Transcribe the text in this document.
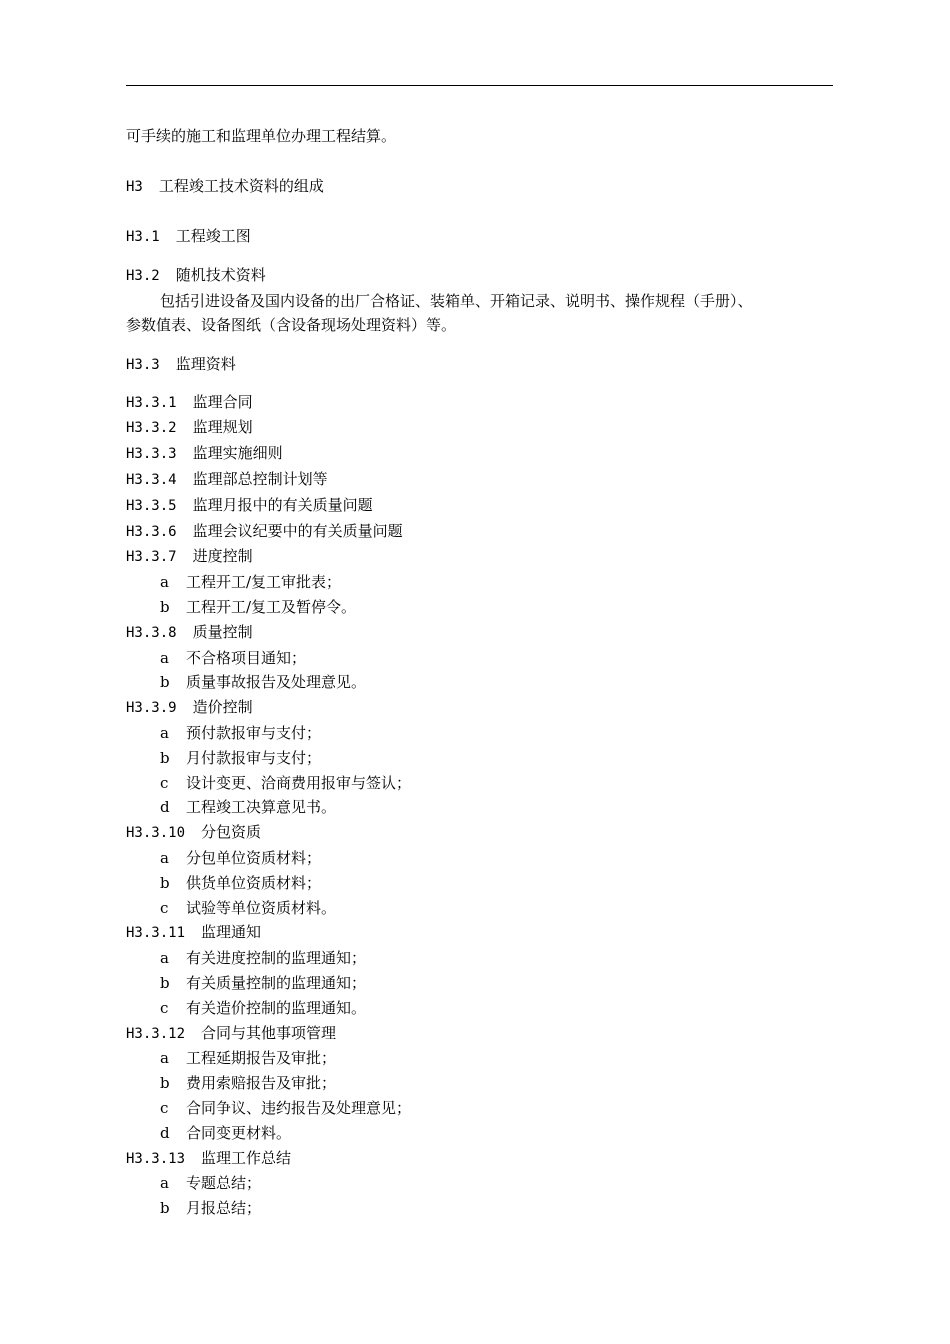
可手续的施工和监理单位办理工程结算。

H3 工程竣工技术资料的组成

H3.1 工程竣工图

H3.2 随机技术资料

包括引进设备及国内设备的出厂合格证、装箱单、开箱记录、说明书、操作规程（手册）、

参数值表、设备图纸（含设备现场处理资料）等。

H3.3 监理资料

H3.3.1 监理合同

H3.3.2 监理规划

H3.3.3 监理实施细则

H3.3.4 监理部总控制计划等

H3.3.5 监理月报中的有关质量问题

H3.3.6 监理会议纪要中的有关质量问题

H3.3.7 进度控制

a 工程开工/复工审批表；

b 工程开工/复工及暂停令。

H3.3.8 质量控制

a 不合格项目通知；

b 质量事故报告及处理意见。

H3.3.9 造价控制

a 预付款报审与支付；

b 月付款报审与支付；

c 设计变更、洽商费用报审与签认；

d 工程竣工决算意见书。

H3.3.10 分包资质

a 分包单位资质材料；

b 供货单位资质材料；

c 试验等单位资质材料。

H3.3.11 监理通知

a 有关进度控制的监理通知；

b 有关质量控制的监理通知；

c 有关造价控制的监理通知。

H3.3.12 合同与其他事项管理

a 工程延期报告及审批；

b 费用索赔报告及审批；

c 合同争议、违约报告及处理意见；

d 合同变更材料。

H3.3.13 监理工作总结

a 专题总结；

b 月报总结；
